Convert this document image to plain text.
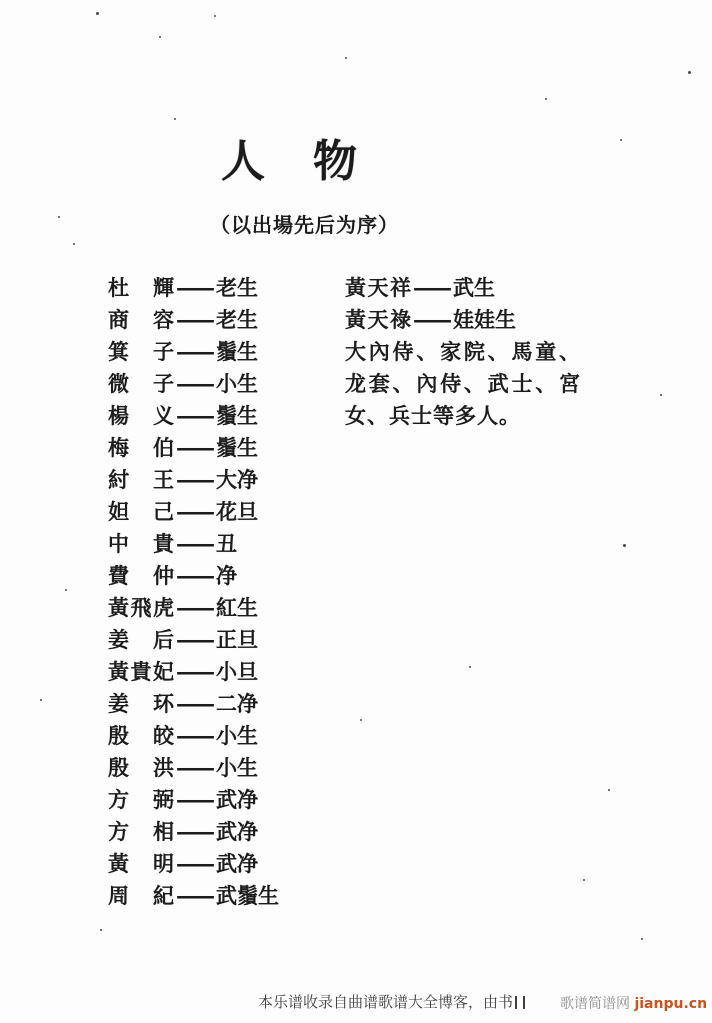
人物
（以出場先后为序）
杜輝—— 老生
商容—— 老生
箕子—— 鬚生
微子—— 小生
楊义—— 鬚生
梅伯—— 鬚生
紂王—— 大净
妲己—— 花旦
中貴—— 丑
費仲—— 净
黃飛虎—— 紅生
姜后—— 正旦
黃貴妃—— 小旦
姜环—— 二净
殷皎—— 小生
殷洪—— 小生
方弼—— 武净
方相—— 武净
黃明—— 武净
周紀—— 武鬚生
黃天祥—— 武生
黃天祿—— 娃娃生
大內侍、家院、馬童、
龙套、內侍、武士、宮
女、兵士等多人。
本乐谱收录自曲谱歌谱大全博客，由书	歌谱简谱网 jianpu.cn
